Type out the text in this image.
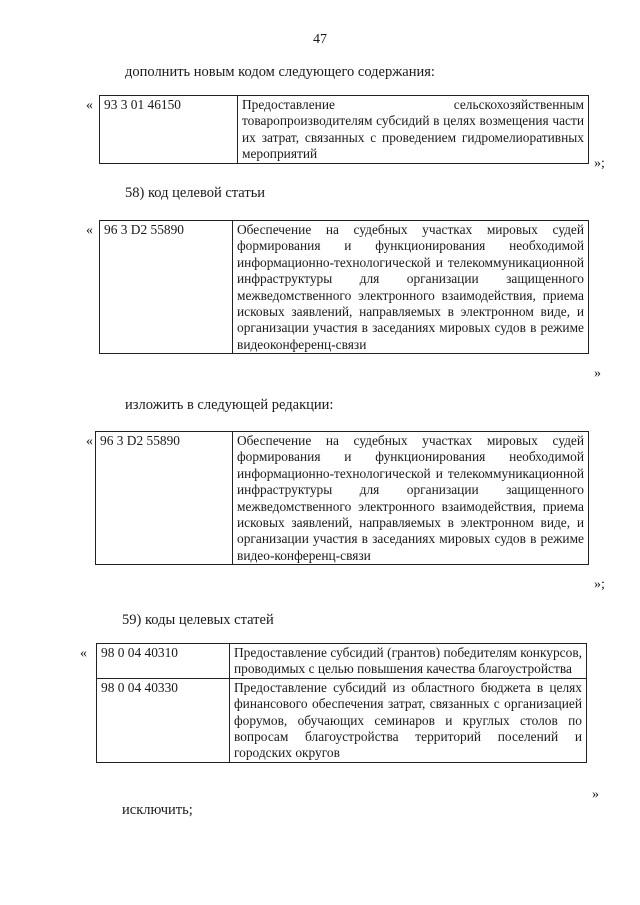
47
дополнить новым кодом следующего содержания:
« 93 3 01 46150	Предоставление сельскохозяйственным товаропроизводителям субсидий в целях возмещения части их затрат, связанных с проведением гидромелиоративных мероприятий
»;
58) код целевой статьи
« 96 3 D2 55890	Обеспечение на судебных участках мировых судей формирования и функционирования необходимой информационно-технологической и телекоммуникационной инфраструктуры для организации защищенного межведомственного электронного взаимодействия, приема исковых заявлений, направляемых в электронном виде, и организации участия в заседаниях мировых судов в режиме видеоконференц-связи
»
изложить в следующей редакции:
« 96 3 D2 55890	Обеспечение на судебных участках мировых судей формирования и функционирования необходимой информационно-технологической и телекоммуникационной инфраструктуры для организации защищенного межведомственного электронного взаимодействия, приема исковых заявлений, направляемых в электронном виде, и организации участия в заседаниях мировых судов в режиме видео-конференц-связи
»;
59) коды целевых статей
« 98 0 04 40310	Предоставление субсидий (грантов) победителям конкурсов, проводимых с целью повышения качества благоустройства
98 0 04 40330	Предоставление субсидий из областного бюджета в целях финансового обеспечения затрат, связанных с организацией форумов, обучающих семинаров и круглых столов по вопросам благоустройства территорий поселений и городских округов
»
исключить;
